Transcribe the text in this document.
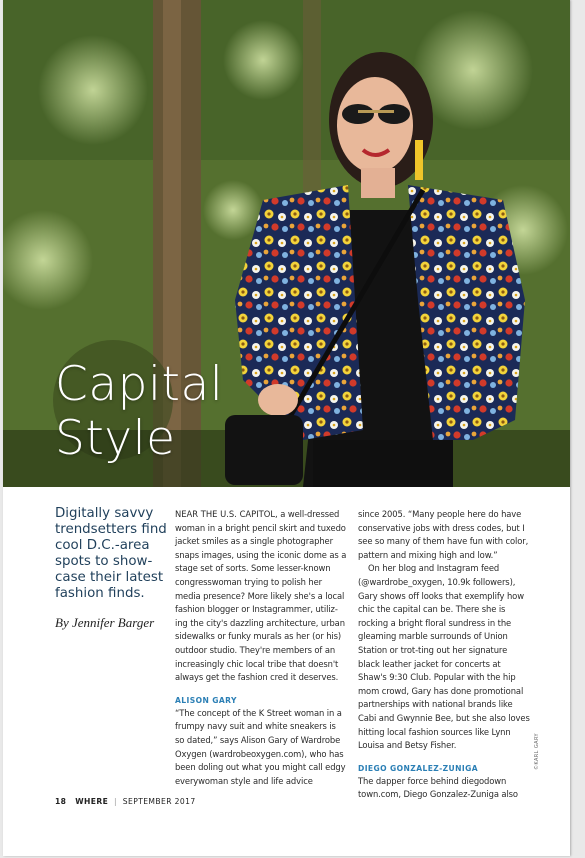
Capital
Style
Digitally savvy trendsetters find cool D.C.-area spots to show-case their latest fashion finds.
By Jennifer Barger

NEAR THE U.S. CAPITOL, a well-dressed woman in a bright pencil skirt and tuxedo jacket smiles as a single photographer snaps images, using the iconic dome as a stage set of sorts. Some lesser-known congresswoman trying to polish her media presence? More likely she's a local fashion blogger or Instagrammer, utiliz-ing the city's dazzling architecture, urban sidewalks or funky murals as her (or his) outdoor studio. They're members of an increasingly chic local tribe that doesn't always get the fashion cred it deserves.

ALISON GARY

“The concept of the K Street woman in a frumpy navy suit and white sneakers is so dated,” says Alison Gary of Wardrobe Oxygen (wardrobeoxygen.com), who has been doling out what you might call edgy everywoman style and life advice

since 2005. “Many people here do have conservative jobs with dress codes, but I see so many of them have fun with color, pattern and mixing high and low.”

On her blog and Instagram feed (@wardrobe_oxygen, 10.9k followers), Gary shows off looks that exemplify how chic the capital can be. There she is rocking a bright floral sundress in the gleaming marble surrounds of Union Station or trot-ting out her signature black leather jacket for concerts at Shaw's 9:30 Club. Popular with the hip mom crowd, Gary has done promotional partnerships with national brands like Cabi and Gwynnie Bee, but she also loves hitting local fashion sources like Lynn Louisa and Betsy Fisher.

DIEGO GONZALEZ-ZUNIGA

The dapper force behind diegodown town.com, Diego Gonzalez-Zuniga also

©KARL GARY
18 WHERE | SEPTEMBER 2017
